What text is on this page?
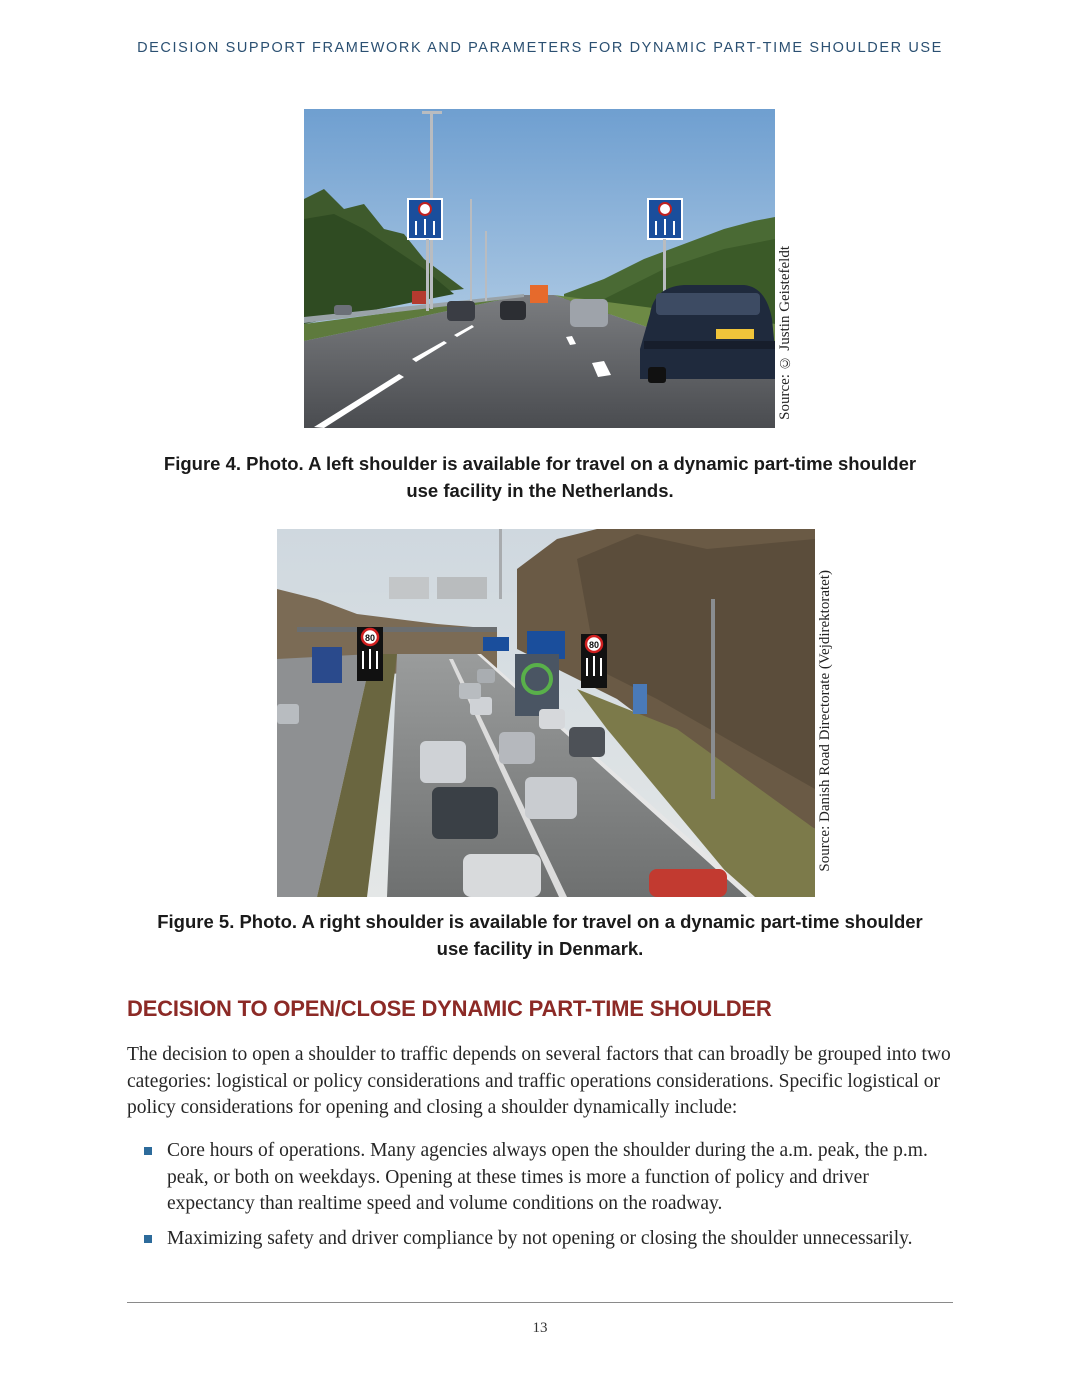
DECISION SUPPORT FRAMEWORK AND PARAMETERS FOR DYNAMIC PART-TIME SHOULDER USE
Source: © Justin Geistefeldt
Figure 4. Photo. A left shoulder is available for travel on a dynamic part-time shoulder
use facility in the Netherlands.
80
80	Source: Danish Road Directorate (Vejdirektoratet)
Figure 5. Photo. A right shoulder is available for travel on a dynamic part-time shoulder
use facility in Denmark.
DECISION TO OPEN/CLOSE DYNAMIC PART-TIME SHOULDER

The decision to open a shoulder to traffic depends on several factors that can broadly be grouped into two categories: logistical or policy considerations and traffic operations considerations. Specific logistical or policy considerations for opening and closing a shoulder dynamically include:

Core hours of operations. Many agencies always open the shoulder during the a.m. peak, the p.m. peak, or both on weekdays. Opening at these times is more a function of policy and driver expectancy than realtime speed and volume conditions on the roadway.
Maximizing safety and driver compliance by not opening or closing the shoulder unnecessarily.
13
